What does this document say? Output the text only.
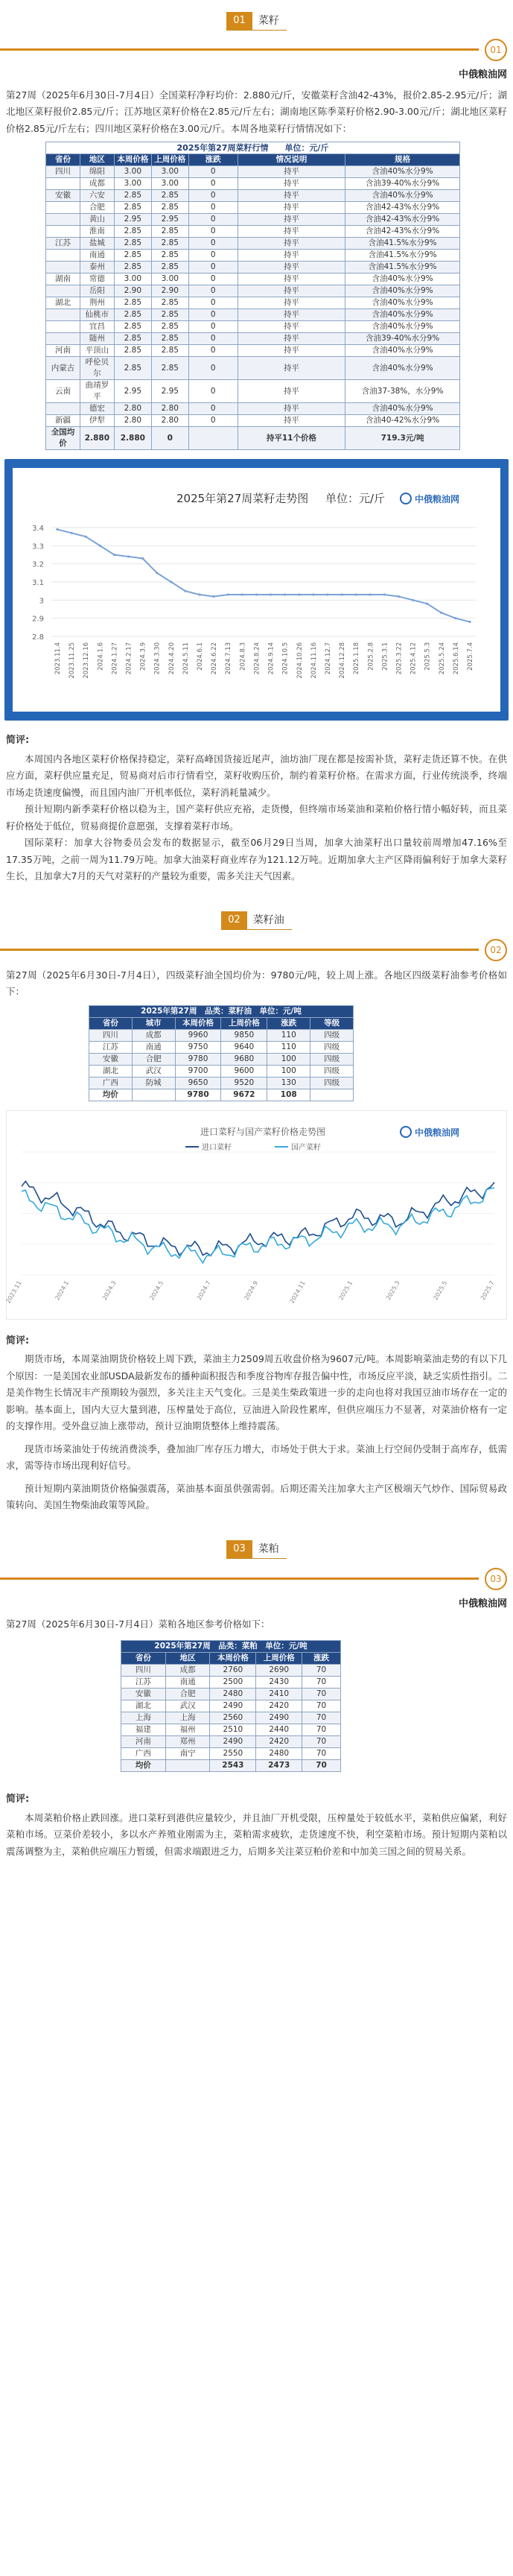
01	菜籽
01
中俄粮油网
第27周（2025年6月30日-7月4日）全国菜籽净籽均价：2.880元/斤，安徽菜籽含油42-43%，报价2.85-2.95元/斤；湖北地区菜籽报价2.85元/斤；江苏地区菜籽价格在2.85元/斤左右；湖南地区陈季菜籽价格2.90-3.00元/斤；湖北地区菜籽价格2.85元/斤左右；四川地区菜籽价格在3.00元/斤。本周各地菜籽行情情况如下：
2025年第27周菜籽行情　　单位：元/斤						
省份	地区	本周价格	上周价格	涨跌	情况说明	规格
四川	绵阳	3.00	3.00	0	持平	含油40%水分9%
	成都	3.00	3.00	0	持平	含油39-40%水分9%
安徽	六安	2.85	2.85	0	持平	含油40%水分9%
	合肥	2.85	2.85	0	持平	含油42-43%水分9%
	黄山	2.95	2.95	0	持平	含油42-43%水分9%
	淮南	2.85	2.85	0	持平	含油42-43%水分9%
江苏	盐城	2.85	2.85	0	持平	含油41.5%水分9%
	南通	2.85	2.85	0	持平	含油41.5%水分9%
	泰州	2.85	2.85	0	持平	含油41.5%水分9%
湖南	常德	3.00	3.00	0	持平	含油40%水分9%
	岳阳	2.90	2.90	0	持平	含油40%水分9%
湖北	荆州	2.85	2.85	0	持平	含油40%水分9%
	仙桃市	2.85	2.85	0	持平	含油40%水分9%
	宜昌	2.85	2.85	0	持平	含油40%水分9%
	随州	2.85	2.85	0	持平	含油39-40%水分9%
河南	平顶山	2.85	2.85	0	持平	含油40%水分9%
内蒙古	呼伦贝尔	2.85	2.85	0	持平	含油40%水分9%
云南	曲靖罗平	2.95	2.95	0	持平	含油37-38%，水分9%
	德宏	2.80	2.80	0	持平	含油40%水分9%
新疆	伊犁	2.80	2.80	0	持平	含油40-42%水分9%
全国均价	2.880	2.880	0		持平11个价格	719.3元/吨
2025年第27周菜籽走势图 单位：元/斤	中俄粮油网
3.4
3.3
3.2
3.1
3
2.9
2.8
2023.11.4 2023.11.25 2023.12.16 2024.1.6 2024.1.27 2024.2.17 2024.3.9 2024.3.30 2024.4.20 2024.5.11 2024.6.1 2024.6.22 2024.7.13 2024.8.3 2024.8.24 2024.9.14 2024.10.5 2024.10.26 2024.11.16 2024.12.7 2024.12.28 2025.1.18 2025.2.8 2025.3.1 2025.3.22 2025.4.12 2025.5.3 2025.5.24 2025.6.14 2025.7.4
简评:
本周国内各地区菜籽价格保持稳定，菜籽高峰国货接近尾声，油坊油厂现在都是按需补货，菜籽走货还算不快。在供应方面，菜籽供应量充足，贸易商对后市行情看空，菜籽收购压价，制约着菜籽价格。在需求方面，行业传统淡季，终端市场走货速度偏慢，而且国内油厂开机率低位，菜籽消耗量减少。
预计短期内新季菜籽价格以稳为主，国产菜籽供应充裕，走货慢，但终端市场菜油和菜粕价格行情小幅好转，而且菜籽价格处于低位，贸易商提价意愿强，支撑着菜籽市场。
国际菜籽：加拿大谷物委员会发布的数据显示，截至06月29日当周，加拿大油菜籽出口量较前周增加47.16%至17.35万吨，之前一周为11.79万吨。加拿大油菜籽商业库存为121.12万吨。近期加拿大主产区降雨偏利好于加拿大菜籽生长，且加拿大7月的天气对菜籽的产量较为重要，需多关注天气因素。
02	菜籽油
02
第27周（2025年6月30日-7月4日），四级菜籽油全国均价为：9780元/吨，较上周上涨。各地区四级菜籽油参考价格如下：
2025年第27周　品类：菜籽油　单位：元/吨					
省份	城市	本周价格	上周价格	涨跌	等级
四川	成都	9960	9850	110	四级
江苏	南通	9750	9640	110	四级
安徽	合肥	9780	9680	100	四级
湖北	武汉	9700	9600	100	四级
广西	防城	9650	9520	130	四级
均价		9780	9672	108	
进口菜籽与国产菜籽价格走势图	中俄粮油网
进口菜籽	国产菜籽
2023.11	2024.1	2024.3	2024.5	2024.7	2024.9	2024.11	2025.1	2025.3	2025.5	2025.7
简评:
期货市场，本周菜油期货价格较上周下跌，菜油主力2509周五收盘价格为9607元/吨。本周影响菜油走势的有以下几个原因：一是美国农业部USDA最新发布的播种面积报告和季度谷物库存报告偏中性，市场反应平淡，缺乏实质性指引。二是美作物生长情况丰产预期较为强烈，多关注主天气变化。三是美生柴政策进一步的走向也将对我国豆油市场存在一定的影响。基本面上，国内大豆大量到港，压榨量处于高位，豆油进入阶段性累库，但供应端压力不显著，对菜油价格有一定的支撑作用。受外盘豆油上涨带动，预计豆油期货整体上维持震荡。
现货市场菜油处于传统消费淡季，叠加油厂库存压力增大，市场处于供大于求。菜油上行空间仍受制于高库存，低需求，需等待市场出现利好信号。
预计短期内菜油期货价格偏强震荡，菜油基本面虽供强需弱。后期还需关注加拿大主产区极端天气炒作、国际贸易政策转向、美国生物柴油政策等风险。
03	菜粕
03
中俄粮油网
第27周（2025年6月30日-7月4日）菜粕各地区参考价格如下：
2025年第27周　品类：菜粕　单位：元/吨				
省份	地区	本周价格	上周价格	涨跌
四川	成都	2760	2690	70
江苏	南通	2500	2430	70
安徽	合肥	2480	2410	70
湖北	武汉	2490	2420	70
上海	上海	2560	2490	70
福建	福州	2510	2440	70
河南	郑州	2490	2420	70
广西	南宁	2550	2480	70
均价		2543	2473	70
简评:
本周菜粕价格止跌回涨。进口菜籽到港供应量较少，并且油厂开机受限，压榨量处于较低水平，菜粕供应偏紧，利好菜粕市场。豆菜价差较小，多以水产养殖业刚需为主，菜粕需求疲软，走货速度不快，利空菜粕市场。预计短期内菜粕以震荡调整为主，菜粕供应端压力暂缓，但需求端跟进乏力，后期多关注菜豆粕价差和中加美三国之间的贸易关系。
